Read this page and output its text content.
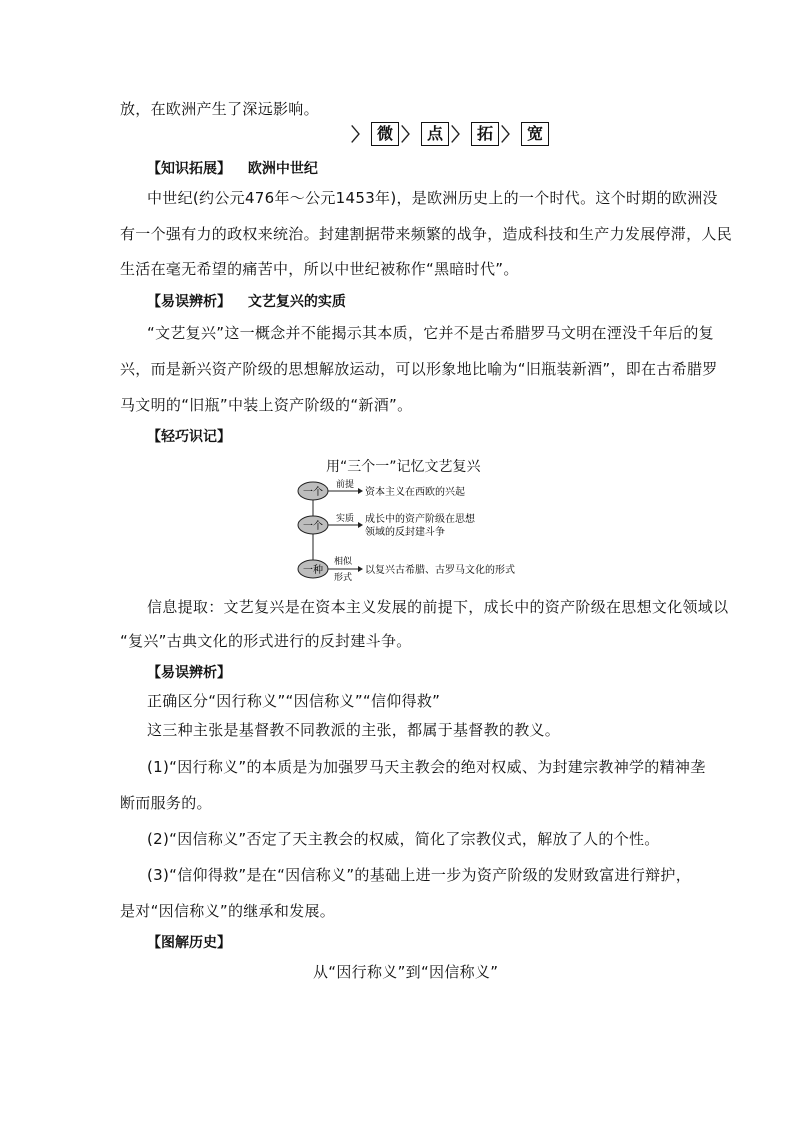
放，在欧洲产生了深远影响。
〉 微 〉 点 〉 拓 〉 宽
【知识拓展】 欧洲中世纪
中世纪(约公元476年～公元1453年)，是欧洲历史上的一个时代。这个时期的欧洲没
有一个强有力的政权来统治。封建割据带来频繁的战争，造成科技和生产力发展停滞，人民
生活在毫无希望的痛苦中，所以中世纪被称作“黑暗时代”。
【易误辨析】 文艺复兴的实质
“文艺复兴”这一概念并不能揭示其本质，它并不是古希腊罗马文明在湮没千年后的复
兴，而是新兴资产阶级的思想解放运动，可以形象地比喻为“旧瓶装新酒”，即在古希腊罗
马文明的“旧瓶”中装上资产阶级的“新酒”。
【轻巧识记】
用“三个一”记忆文艺复兴
一个
前提
资本主义在西欧的兴起
一个
实质 成长中的资产阶级在思想
领域的反封建斗争
一种
相似
形式
以复兴古希腊、古罗马文化的形式
信息提取：文艺复兴是在资本主义发展的前提下，成长中的资产阶级在思想文化领域以
“复兴”古典文化的形式进行的反封建斗争。
【易误辨析】
正确区分“因行称义”“因信称义”“信仰得救”
这三种主张是基督教不同教派的主张，都属于基督教的教义。
(1)“因行称义”的本质是为加强罗马天主教会的绝对权威、为封建宗教神学的精神垄
断而服务的。
(2)“因信称义”否定了天主教会的权威，简化了宗教仪式，解放了人的个性。
(3)“信仰得救”是在“因信称义”的基础上进一步为资产阶级的发财致富进行辩护，
是对“因信称义”的继承和发展。
【图解历史】
从“因行称义”到“因信称义”
